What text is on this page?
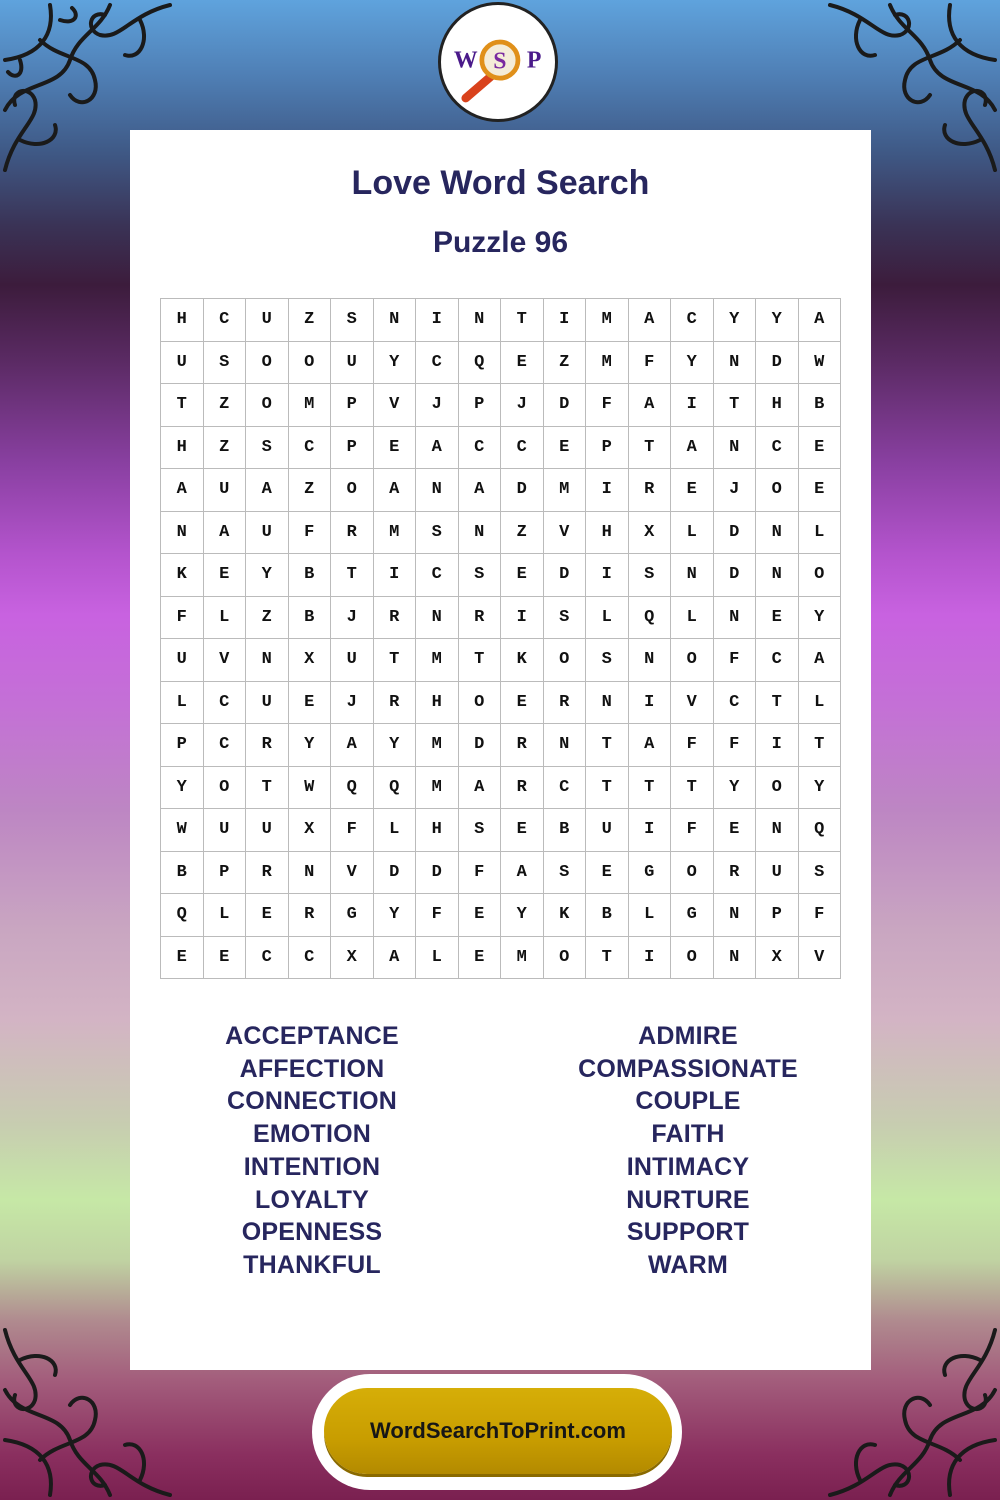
W S P
Love Word Search
Puzzle 96
H	C	U	Z	S	N	I	N	T	I	M	A	C	Y	Y	A
U	S	O	O	U	Y	C	Q	E	Z	M	F	Y	N	D	W
T	Z	O	M	P	V	J	P	J	D	F	A	I	T	H	B
H	Z	S	C	P	E	A	C	C	E	P	T	A	N	C	E
A	U	A	Z	O	A	N	A	D	M	I	R	E	J	O	E
N	A	U	F	R	M	S	N	Z	V	H	X	L	D	N	L
K	E	Y	B	T	I	C	S	E	D	I	S	N	D	N	O
F	L	Z	B	J	R	N	R	I	S	L	Q	L	N	E	Y
U	V	N	X	U	T	M	T	K	O	S	N	O	F	C	A
L	C	U	E	J	R	H	O	E	R	N	I	V	C	T	L
P	C	R	Y	A	Y	M	D	R	N	T	A	F	F	I	T
Y	O	T	W	Q	Q	M	A	R	C	T	T	T	Y	O	Y
W	U	U	X	F	L	H	S	E	B	U	I	F	E	N	Q
B	P	R	N	V	D	D	F	A	S	E	G	O	R	U	S
Q	L	E	R	G	Y	F	E	Y	K	B	L	G	N	P	F
E	E	C	C	X	A	L	E	M	O	T	I	O	N	X	V
ACCEPTANCE
AFFECTION
CONNECTION
EMOTION
INTENTION
LOYALTY
OPENNESS
THANKFUL
ADMIRE
COMPASSIONATE
COUPLE
FAITH
INTIMACY
NURTURE
SUPPORT
WARM
WordSearchToPrint.com
